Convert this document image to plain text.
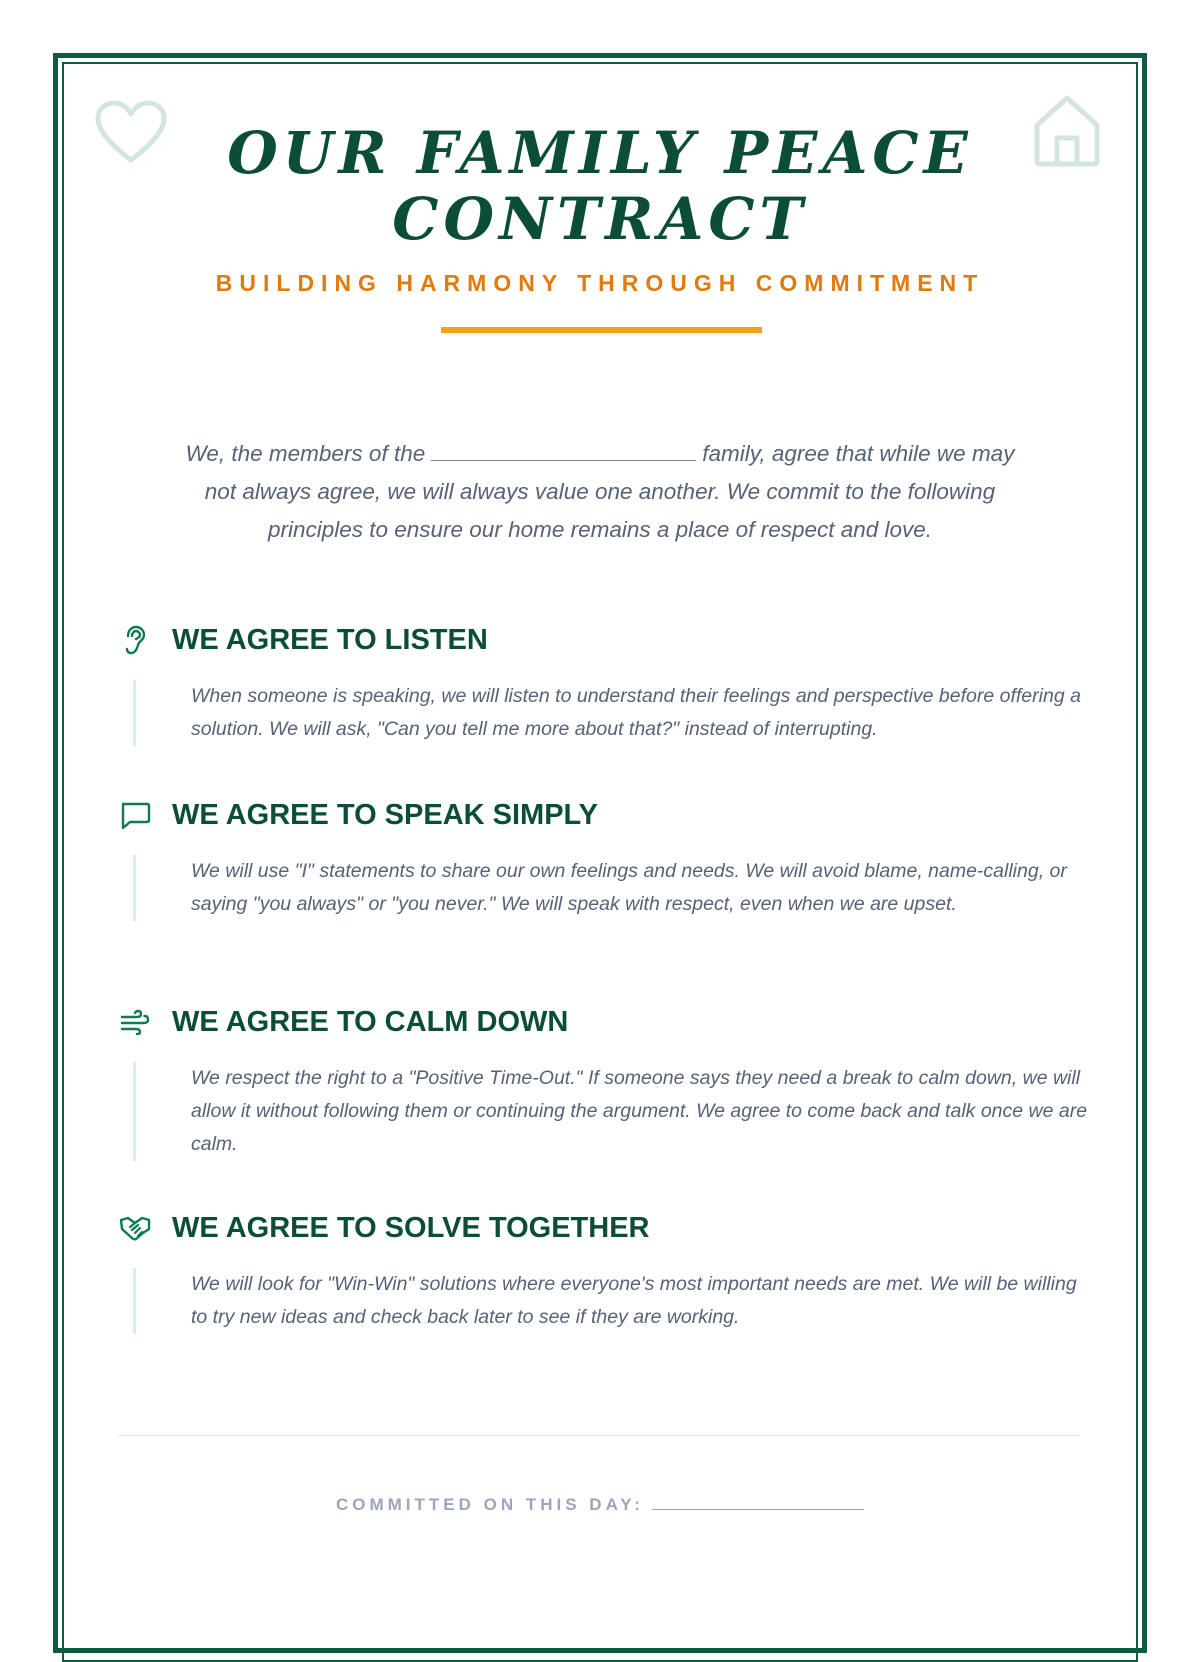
OUR FAMILY PEACE
CONTRACT
BUILDING HARMONY THROUGH COMMITMENT

We, the members of the	family, agree that while we may not always agree, we will always value one another. We commit to the following principles to ensure our home remains a place of respect and love.

WE AGREE TO LISTEN
When someone is speaking, we will listen to understand their feelings and perspective before offering a solution. We will ask, "Can you tell me more about that?" instead of interrupting.
WE AGREE TO SPEAK SIMPLY
We will use "I" statements to share our own feelings and needs. We will avoid blame, name-calling, or saying "you always" or "you never." We will speak with respect, even when we are upset.
WE AGREE TO CALM DOWN
We respect the right to a "Positive Time-Out." If someone says they need a break to calm down, we will allow it without following them or continuing the argument. We agree to come back and talk once we are calm.
WE AGREE TO SOLVE TOGETHER
We will look for "Win-Win" solutions where everyone's most important needs are met. We will be willing to try new ideas and check back later to see if they are working.
COMMITTED ON THIS DAY:
